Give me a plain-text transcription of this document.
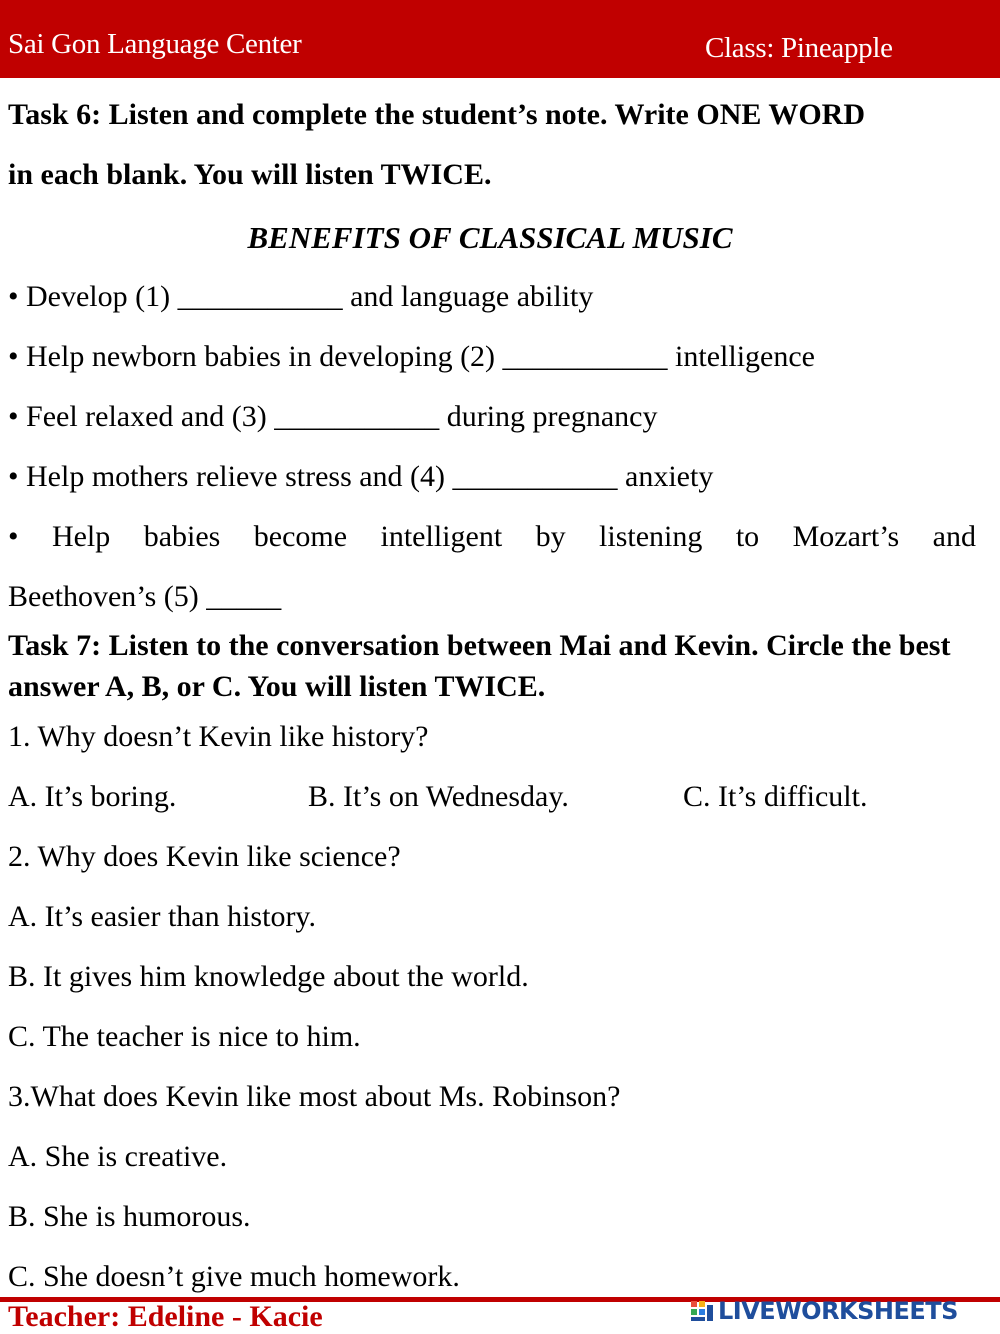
Sai Gon Language Center	Class: Pineapple
Task 6: Listen and complete the student’s note. Write ONE WORD
in each blank. You will listen TWICE.
BENEFITS OF CLASSICAL MUSIC
• Develop (1) ___________ and language ability
• Help newborn babies in developing (2) ___________ intelligence
• Feel relaxed and (3) ___________ during pregnancy
• Help mothers relieve stress and (4) ___________ anxiety
• Help babies become intelligent by listening to Mozart’s and
Beethoven’s (5) _____
Task 7: Listen to the conversation between Mai and Kevin. Circle the best answer A, B, or C. You will listen TWICE.
1. Why doesn’t Kevin like history?
A. It’s boring.	B. It’s on Wednesday.	C. It’s difficult.
2. Why does Kevin like science?
A. It’s easier than history.
B. It gives him knowledge about the world.
C. The teacher is nice to him.
3.What does Kevin like most about Ms. Robinson?
A. She is creative.
B. She is humorous.
C. She doesn’t give much homework.
Teacher: Edeline - Kacie	LIVEWORKSHEETS
